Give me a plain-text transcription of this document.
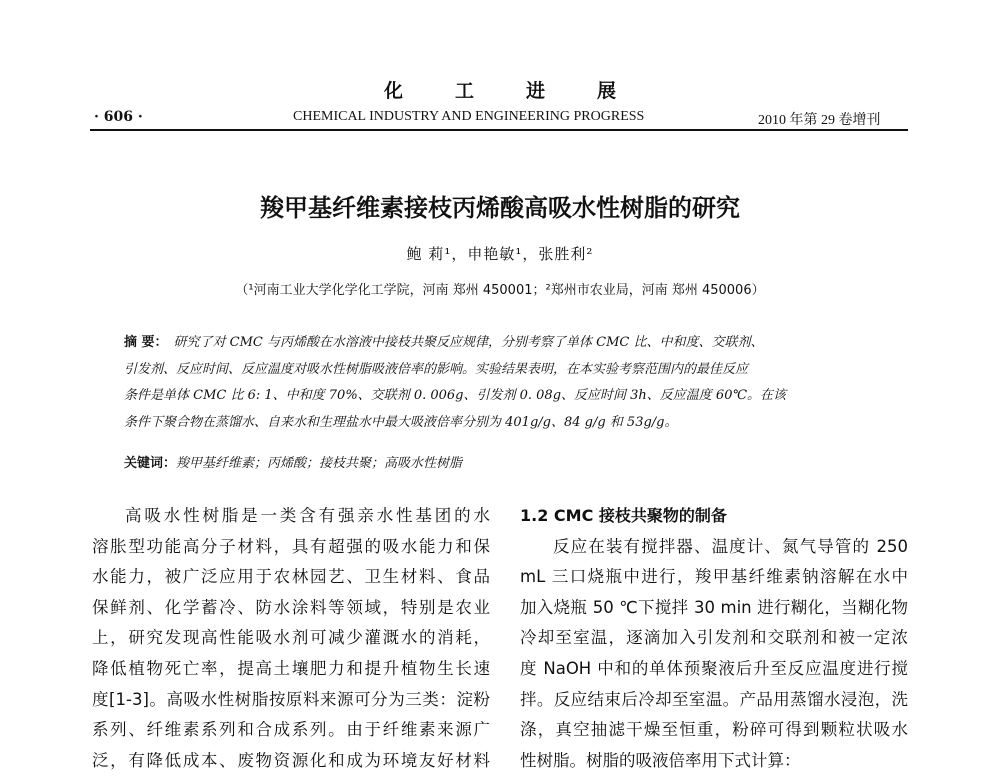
化	工	进	展
· 606 ·	CHEMICAL INDUSTRY AND ENGINEERING PROGRESS	2010 年第 29 卷增刊
羧甲基纤维素接枝丙烯酸高吸水性树脂的研究
鲍 莉¹，申艳敏¹，张胜利²
（¹河南工业大学化学化工学院，河南 郑州 450001；²郑州市农业局，河南 郑州 450006）
摘 要： 研究了对 CMC 与丙烯酸在水溶液中接枝共聚反应规律，分别考察了单体 CMC 比、中和度、交联剂、
引发剂、反应时间、反应温度对吸水性树脂吸液倍率的影响。实验结果表明，在本实验考察范围内的最佳反应
条件是单体 CMC 比 6: 1、中和度 70%、交联剂 0. 006g、引发剂 0. 08g、反应时间 3h、反应温度 60℃。在该
条件下聚合物在蒸馏水、自来水和生理盐水中最大吸液倍率分别为 401g/g、84 g/g 和 53g/g。
关键词：羧甲基纤维素；丙烯酸；接枝共聚；高吸水性树脂
高吸水性树脂是一类含有强亲水性基团的水
溶胀型功能高分子材料，具有超强的吸水能力和保
水能力，被广泛应用于农林园艺、卫生材料、食品
保鲜剂、化学蓄冷、防水涂料等领域，特别是农业
上，研究发现高性能吸水剂可减少灌溉水的消耗，
降低植物死亡率，提高土壤肥力和提升植物生长速
度[1-3]。高吸水性树脂按原料来源可分为三类：淀粉
系列、纤维素系列和合成系列。由于纤维素来源广
泛，有降低成本、废物资源化和成为环境友好材料
1.2 CMC 接枝共聚物的制备
反应在装有搅拌器、温度计、氮气导管的 250
mL 三口烧瓶中进行，羧甲基纤维素钠溶解在水中
加入烧瓶 50 ℃下搅拌 30 min 进行糊化，当糊化物
冷却至室温，逐滴加入引发剂和交联剂和被一定浓
度 NaOH 中和的单体预聚液后升至反应温度进行搅
拌。反应结束后冷却至室温。产品用蒸馏水浸泡，洗
涤，真空抽滤干燥至恒重，粉碎可得到颗粒状吸水
性树脂。树脂的吸液倍率用下式计算：
